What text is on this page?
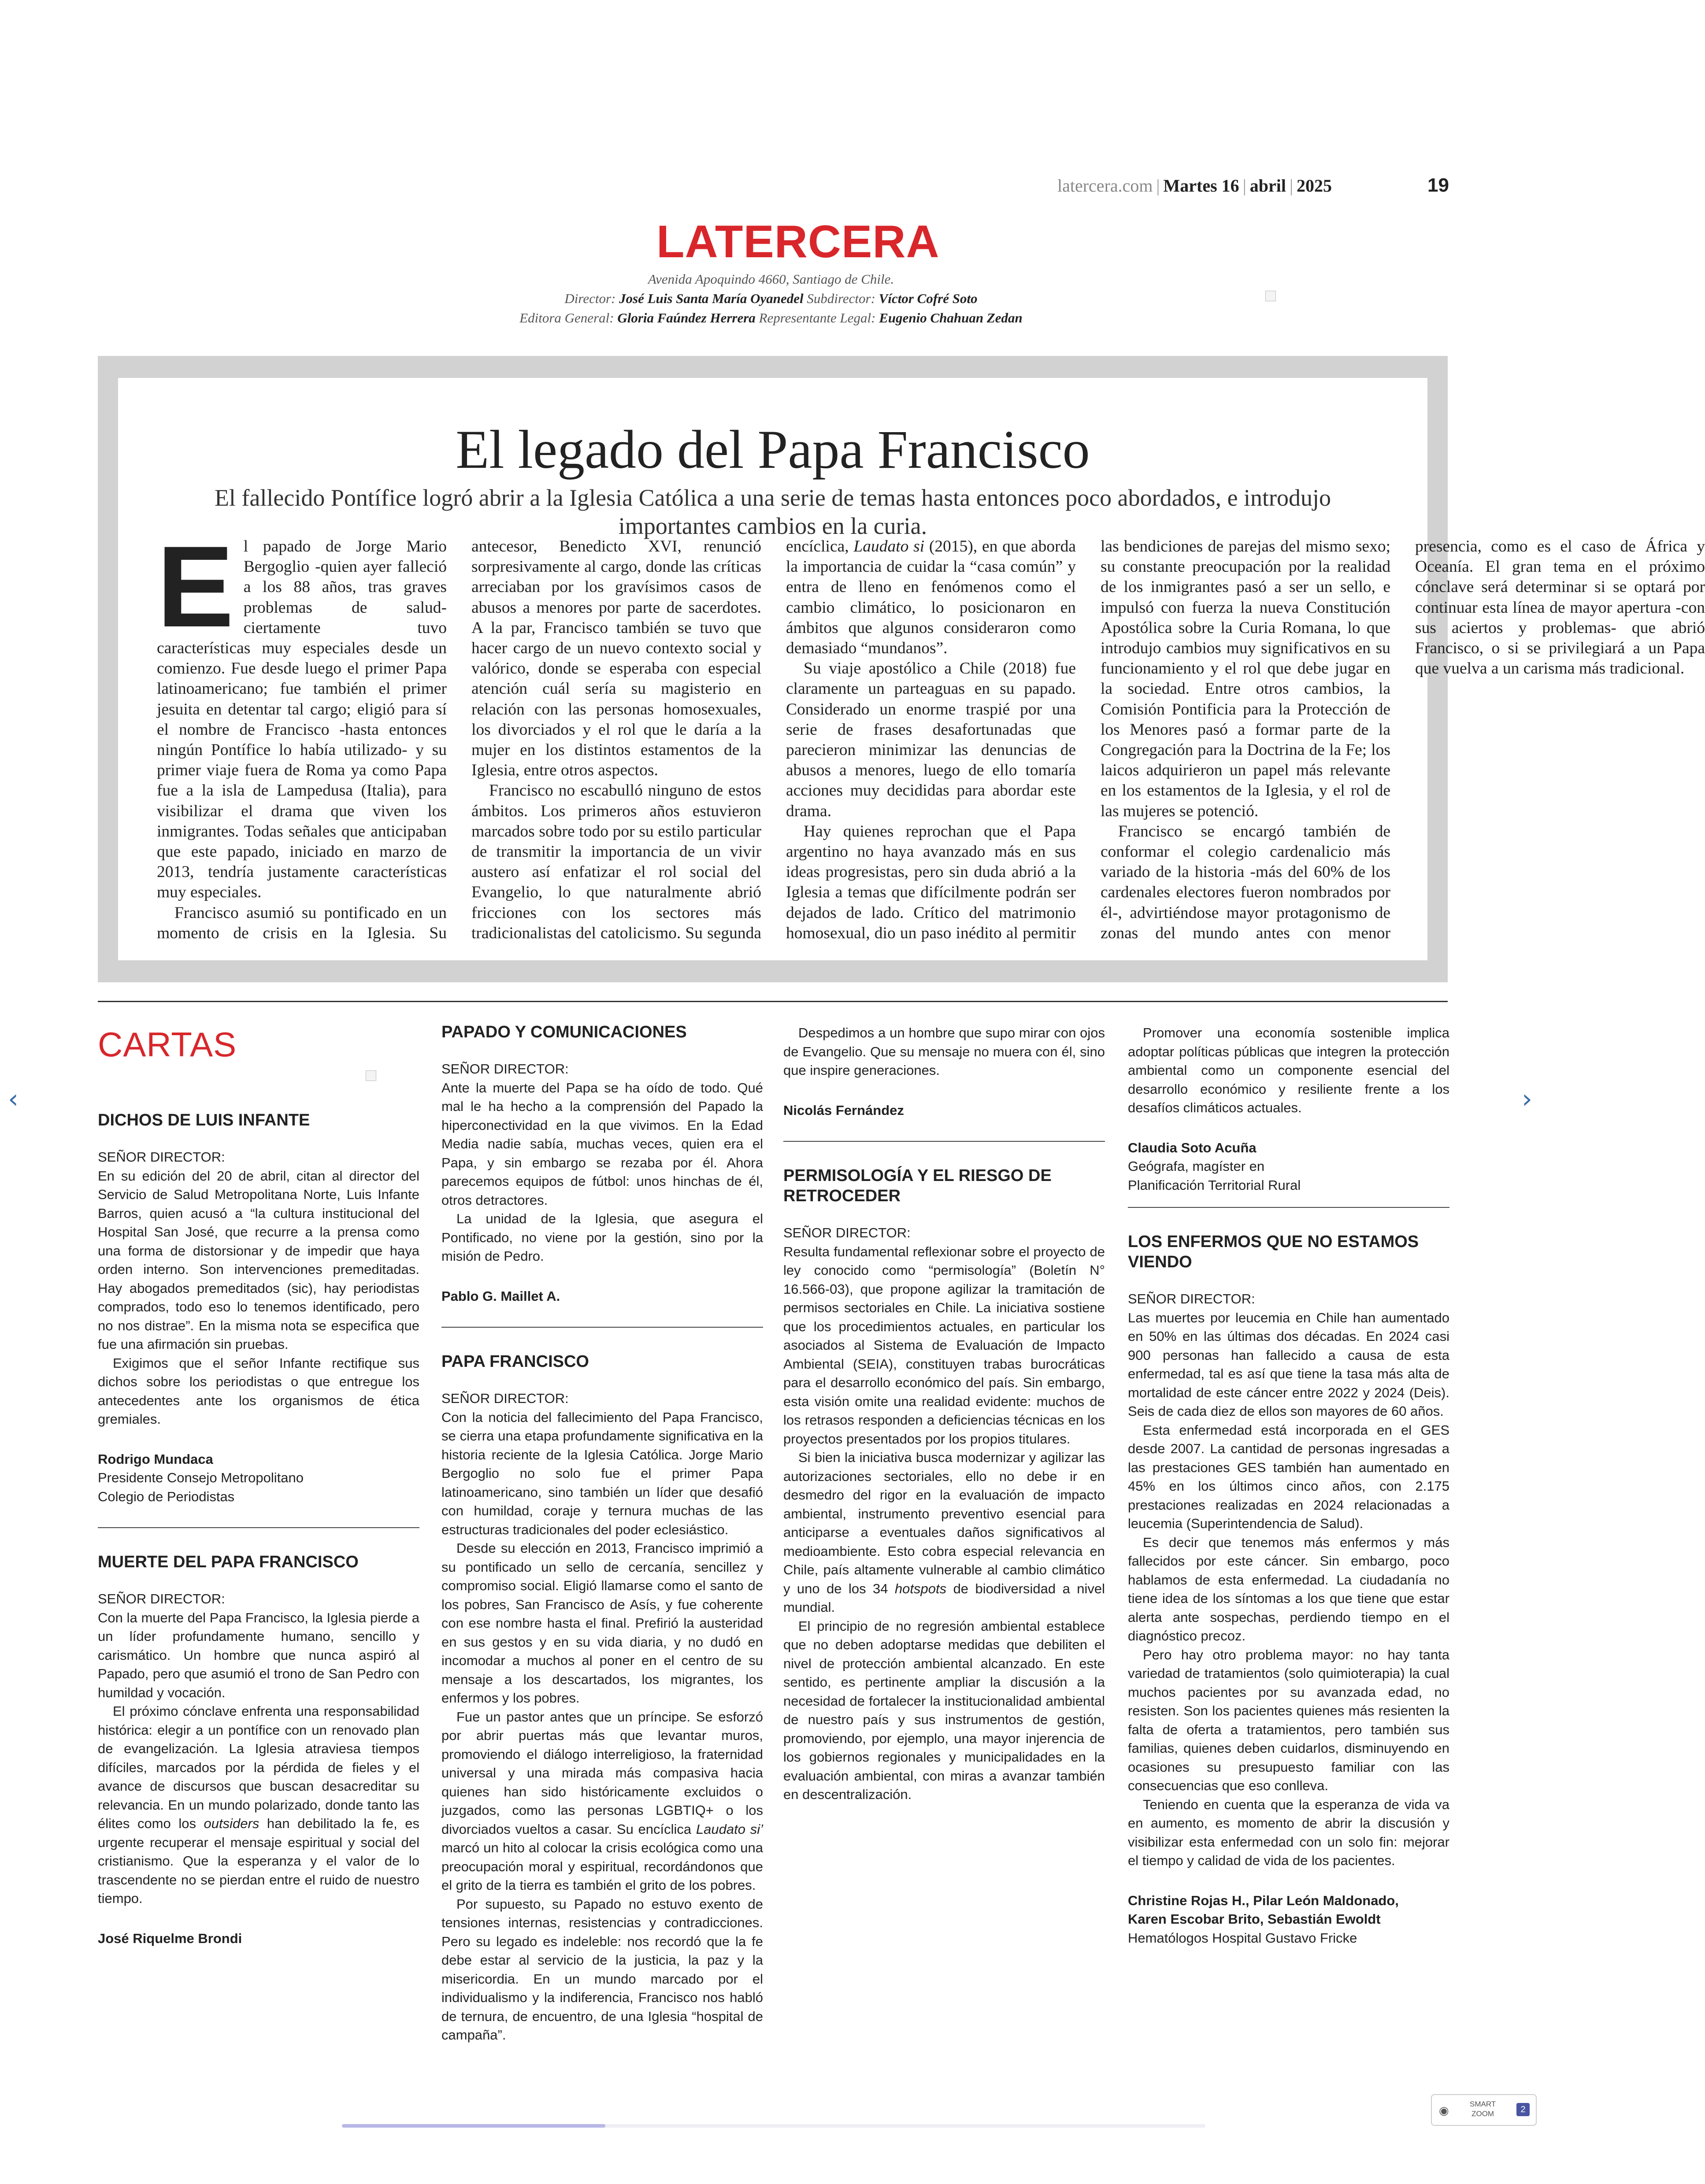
latercera.com | Martes 16 | abril | 2025	19
LATERCERA
Avenida Apoquindo 4660, Santiago de Chile.
Director: José Luis Santa María Oyanedel Subdirector: Víctor Cofré Soto
Editora General: Gloria Faúndez Herrera Representante Legal: Eugenio Chahuan Zedan
El legado del Papa Francisco
El fallecido Pontífice logró abrir a la Iglesia Católica a una serie de temas hasta entonces poco abordados, e introdujo importantes cambios en la curia.

El papado de Jorge Mario Bergoglio -quien ayer falleció a los 88 años, tras graves problemas de salud- ciertamente tuvo características muy especiales desde un comienzo. Fue desde luego el primer Papa latinoamericano; fue también el primer jesuita en detentar tal cargo; eligió para sí el nombre de Francisco -hasta entonces ningún Pontífice lo había utilizado- y su primer viaje fuera de Roma ya como Papa fue a la isla de Lampedusa (Italia), para visibilizar el drama que viven los inmigrantes. Todas señales que anticipaban que este papado, iniciado en marzo de 2013, tendría justamente características muy especiales.

Francisco asumió su pontificado en un momento de crisis en la Iglesia. Su antecesor, Benedicto XVI, renunció sorpresivamente al cargo, donde las críticas arreciaban por los gravísimos casos de abusos a menores por parte de sacerdotes. A la par, Francisco también se tuvo que hacer cargo de un nuevo contexto social y valórico, donde se esperaba con especial atención cuál sería su magisterio en relación con las personas homosexuales, los divorciados y el rol que le daría a la mujer en los distintos estamentos de la Iglesia, entre otros aspectos.

Francisco no escabulló ninguno de estos ámbitos. Los primeros años estuvieron marcados sobre todo por su estilo particular de transmitir la importancia de un vivir austero así enfatizar el rol social del Evangelio, lo que naturalmente abrió fricciones con los sectores más tradicionalistas del catolicismo. Su segunda encíclica, Laudato si (2015), en que aborda la importancia de cuidar la “casa común” y entra de lleno en fenómenos como el cambio climático, lo posicionaron en ámbitos que algunos consideraron como demasiado “mundanos”.

Su viaje apostólico a Chile (2018) fue claramente un parteaguas en su papado. Considerado un enorme traspié por una serie de frases desafortunadas que parecieron minimizar las denuncias de abusos a menores, luego de ello tomaría acciones muy decididas para abordar este drama.

Hay quienes reprochan que el Papa argentino no haya avanzado más en sus ideas progresistas, pero sin duda abrió a la Iglesia a temas que difícilmente podrán ser dejados de lado. Crítico del matrimonio homosexual, dio un paso inédito al permitir las bendiciones de parejas del mismo sexo; su constante preocupación por la realidad de los inmigrantes pasó a ser un sello, e impulsó con fuerza la nueva Constitución Apostólica sobre la Curia Romana, lo que introdujo cambios muy significativos en su funcionamiento y el rol que debe jugar en la sociedad. Entre otros cambios, la Comisión Pontificia para la Protección de los Menores pasó a formar parte de la Congregación para la Doctrina de la Fe; los laicos adquirieron un papel más relevante en los estamentos de la Iglesia, y el rol de las mujeres se potenció.

Francisco se encargó también de conformar el colegio cardenalicio más variado de la historia -más del 60% de los cardenales electores fueron nombrados por él-, advirtiéndose mayor protagonismo de zonas del mundo antes con menor presencia, como es el caso de África y Oceanía. El gran tema en el próximo cónclave será determinar si se optará por continuar esta línea de mayor apertura -con sus aciertos y problemas- que abrió Francisco, o si se privilegiará a un Papa que vuelva a un carisma más tradicional.

CARTAS
DICHOS DE LUIS INFANTE
SEÑOR DIRECTOR:

En su edición del 20 de abril, citan al director del Servicio de Salud Metropolitana Norte, Luis Infante Barros, quien acusó a “la cultura institucional del Hospital San José, que recurre a la prensa como una forma de distorsionar y de impedir que haya orden interno. Son intervenciones premeditadas. Hay abogados premeditados (sic), hay periodistas comprados, todo eso lo tenemos identificado, pero no nos distrae”. En la misma nota se especifica que fue una afirmación sin pruebas.

Exigimos que el señor Infante rectifique sus dichos sobre los periodistas o que entregue los antecedentes ante los organismos de ética gremiales.

Rodrigo Mundaca
Presidente Consejo Metropolitano
Colegio de Periodistas
MUERTE DEL PAPA FRANCISCO
SEÑOR DIRECTOR:

Con la muerte del Papa Francisco, la Iglesia pierde a un líder profundamente humano, sencillo y carismático. Un hombre que nunca aspiró al Papado, pero que asumió el trono de San Pedro con humildad y vocación.

El próximo cónclave enfrenta una responsabilidad histórica: elegir a un pontífice con un renovado plan de evangelización. La Iglesia atraviesa tiempos difíciles, marcados por la pérdida de fieles y el avance de discursos que buscan desacreditar su relevancia. En un mundo polarizado, donde tanto las élites como los outsiders han debilitado la fe, es urgente recuperar el mensaje espiritual y social del cristianismo. Que la esperanza y el valor de lo trascendente no se pierdan entre el ruido de nuestro tiempo.

José Riquelme Brondi
PAPADO Y COMUNICACIONES
SEÑOR DIRECTOR:

Ante la muerte del Papa se ha oído de todo. Qué mal le ha hecho a la comprensión del Papado la hiperconectividad en la que vivimos. En la Edad Media nadie sabía, muchas veces, quien era el Papa, y sin embargo se rezaba por él. Ahora parecemos equipos de fútbol: unos hinchas de él, otros detractores.

La unidad de la Iglesia, que asegura el Pontificado, no viene por la gestión, sino por la misión de Pedro.

Pablo G. Maillet A.
PAPA FRANCISCO
SEÑOR DIRECTOR:

Con la noticia del fallecimiento del Papa Francisco, se cierra una etapa profundamente significativa en la historia reciente de la Iglesia Católica. Jorge Mario Bergoglio no solo fue el primer Papa latinoamericano, sino también un líder que desafió con humildad, coraje y ternura muchas de las estructuras tradicionales del poder eclesiástico.

Desde su elección en 2013, Francisco imprimió a su pontificado un sello de cercanía, sencillez y compromiso social. Eligió llamarse como el santo de los pobres, San Francisco de Asís, y fue coherente con ese nombre hasta el final. Prefirió la austeridad en sus gestos y en su vida diaria, y no dudó en incomodar a muchos al poner en el centro de su mensaje a los descartados, los migrantes, los enfermos y los pobres.

Fue un pastor antes que un príncipe. Se esforzó por abrir puertas más que levantar muros, promoviendo el diálogo interreligioso, la fraternidad universal y una mirada más compasiva hacia quienes han sido históricamente excluidos o juzgados, como las personas LGBTIQ+ o los divorciados vueltos a casar. Su encíclica Laudato si’ marcó un hito al colocar la crisis ecológica como una preocupación moral y espiritual, recordándonos que el grito de la tierra es también el grito de los pobres.

Por supuesto, su Papado no estuvo exento de tensiones internas, resistencias y contradicciones. Pero su legado es indeleble: nos recordó que la fe debe estar al servicio de la justicia, la paz y la misericordia. En un mundo marcado por el individualismo y la indiferencia, Francisco nos habló de ternura, de encuentro, de una Iglesia “hospital de campaña”.

Despedimos a un hombre que supo mirar con ojos de Evangelio. Que su mensaje no muera con él, sino que inspire generaciones.

Nicolás Fernández
PERMISOLOGÍA Y EL RIESGO DE RETROCEDER
SEÑOR DIRECTOR:

Resulta fundamental reflexionar sobre el proyecto de ley conocido como “permisología” (Boletín N° 16.566-03), que propone agilizar la tramitación de permisos sectoriales en Chile. La iniciativa sostiene que los procedimientos actuales, en particular los asociados al Sistema de Evaluación de Impacto Ambiental (SEIA), constituyen trabas burocráticas para el desarrollo económico del país. Sin embargo, esta visión omite una realidad evidente: muchos de los retrasos responden a deficiencias técnicas en los proyectos presentados por los propios titulares.

Si bien la iniciativa busca modernizar y agilizar las autorizaciones sectoriales, ello no debe ir en desmedro del rigor en la evaluación de impacto ambiental, instrumento preventivo esencial para anticiparse a eventuales daños significativos al medioambiente. Esto cobra especial relevancia en Chile, país altamente vulnerable al cambio climático y uno de los 34 hotspots de biodiversidad a nivel mundial.

El principio de no regresión ambiental establece que no deben adoptarse medidas que debiliten el nivel de protección ambiental alcanzado. En este sentido, es pertinente ampliar la discusión a la necesidad de fortalecer la institucionalidad ambiental de nuestro país y sus instrumentos de gestión, promoviendo, por ejemplo, una mayor injerencia de los gobiernos regionales y municipalidades en la evaluación ambiental, con miras a avanzar también en descentralización.

Promover una economía sostenible implica adoptar políticas públicas que integren la protección ambiental como un componente esencial del desarrollo económico y resiliente frente a los desafíos climáticos actuales.

Claudia Soto Acuña
Geógrafa, magíster en
Planificación Territorial Rural
LOS ENFERMOS QUE NO ESTAMOS VIENDO
SEÑOR DIRECTOR:

Las muertes por leucemia en Chile han aumentado en 50% en las últimas dos décadas. En 2024 casi 900 personas han fallecido a causa de esta enfermedad, tal es así que tiene la tasa más alta de mortalidad de este cáncer entre 2022 y 2024 (Deis). Seis de cada diez de ellos son mayores de 60 años.

Esta enfermedad está incorporada en el GES desde 2007. La cantidad de personas ingresadas a las prestaciones GES también han aumentado en 45% en los últimos cinco años, con 2.175 prestaciones realizadas en 2024 relacionadas a leucemia (Superintendencia de Salud).

Es decir que tenemos más enfermos y más fallecidos por este cáncer. Sin embargo, poco hablamos de esta enfermedad. La ciudadanía no tiene idea de los síntomas a los que tiene que estar alerta ante sospechas, perdiendo tiempo en el diagnóstico precoz.

Pero hay otro problema mayor: no hay tanta variedad de tratamientos (solo quimioterapia) la cual muchos pacientes por su avanzada edad, no resisten. Son los pacientes quienes más resienten la falta de oferta a tratamientos, pero también sus familias, quienes deben cuidarlos, disminuyendo en ocasiones su presupuesto familiar con las consecuencias que eso conlleva.

Teniendo en cuenta que la esperanza de vida va en aumento, es momento de abrir la discusión y visibilizar esta enfermedad con un solo fin: mejorar el tiempo y calidad de vida de los pacientes.

Christine Rojas H., Pilar León Maldonado,
Karen Escobar Brito, Sebastián Ewoldt
Hematólogos Hospital Gustavo Fricke
‹	›
◉	SMART
ZOOM	2
